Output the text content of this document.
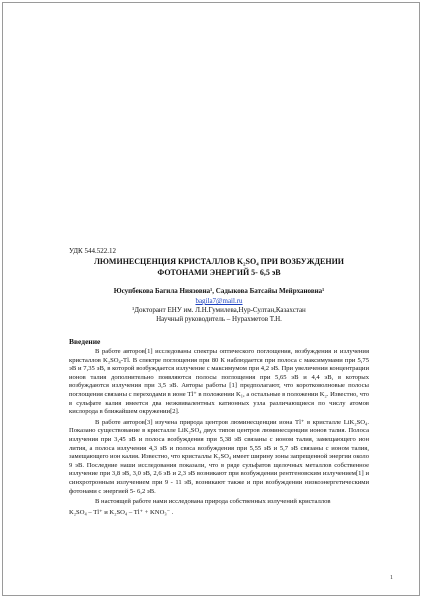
УДК 544.522.12

ЛЮМИНЕСЦЕНЦИЯ КРИСТАЛЛОВ K₂SO₄ ПРИ ВОЗБУЖДЕНИИ

ФОТОНАМИ ЭНЕРГИЙ 5- 6,5 эВ

Юсупбекова Багила Ниязовна¹, Садыкова Батсайы Мейрхановна¹

bagila7@mail.ru

¹Докторант ЕНУ им. Л.Н.Гумилева,Нур-Султан,Казахстан

Научный руководитель – Нурахметов Т.Н.

Введение

В работе авторов[1] исследованы спектры оптического поглощения, возбуждения и излучения кристаллов K₂SO₄-Tl. В спектре поглощения при 80 К наблюдается при полоса с максимумами при 5,75 эВ и 7,35 эВ, в которой возбуждается излучение с максимумом при 4,2 эВ. При увеличении концентрации ионов талия дополнительно появляются полосы поглощения при 5,65 эВ и 4,4 эВ, в которых возбуждаются излучения при 3,5 эВ. Авторы работы [1] предполагают, что коротковолновые полосы поглощения связаны с переходами в ионе Tl⁺ в положении K₁, а остальные в положении K₂. Известно, что в сульфате калия имеется два неэквивалентных катионных узла различающиеся по числу атомов кислорода в ближайшем окружении[2].

В работе авторов[3] изучена природа центров люминесценции иона Tl⁺ в кристалле LiK₂SO₄. Показано существование в кристалле LiK₂SO₄ двух типов центров люминесценции ионов талия. Полоса излучения при 3,45 эВ и полоса возбуждения при 5,38 эВ связаны с ионом талия, замещающего ион лития, а полоса излучения 4,3 эВ и полоса возбуждения при 5,55 эВ и 5,7 эВ связаны с ионом талия, замещающего ион калия. Известно, что кристаллы K₂SO₄ имеет ширину зоны запрещенной энергии около 9 эВ. Последние наши исследования показали, что в ряде сульфатов щелочных металлов собственное излучение при 3,8 эВ, 3,0 эВ, 2,6 эВ и 2,3 эВ возникают при возбуждении рентгеновским излучением[1] и синхротронным излучением при 9 - 11 эВ, возникают также и при возбуждении низкоэнергетическими фотонами с энергией 5- 6,2 эВ.

В настоящей работе нами исследована природа собственных излучений кристаллов

K₂SO₄ – Tl⁺ и K₂SO₄ – Tl⁺ + KNO₃⁻ .

1
